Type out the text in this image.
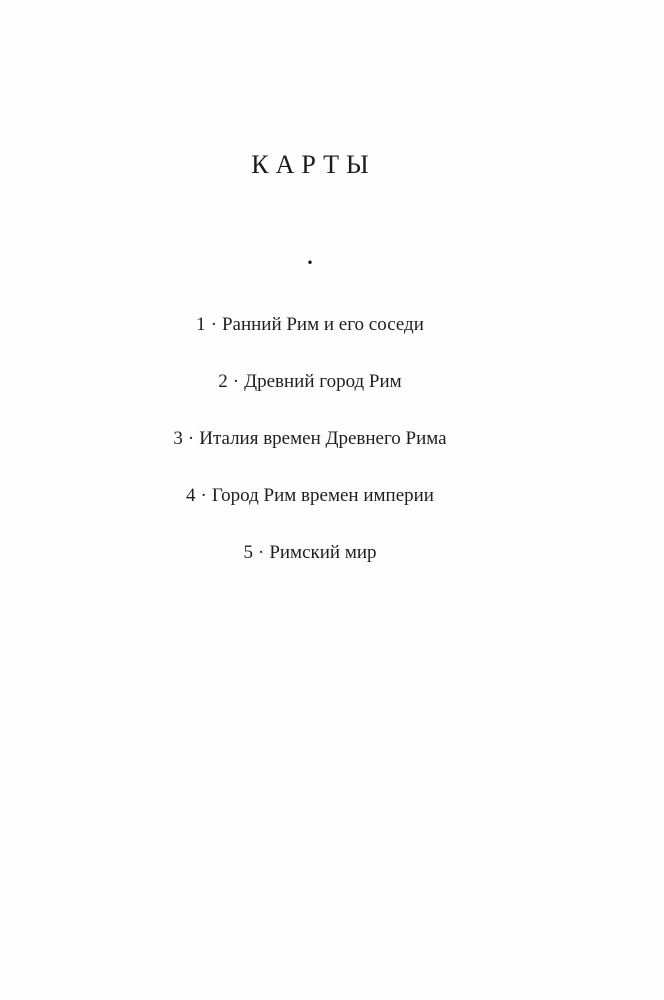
КАРТЫ
·
1 · Ранний Рим и его соседи
2 · Древний город Рим
3 · Италия времен Древнего Рима
4 · Город Рим времен империи
5 · Римский мир
